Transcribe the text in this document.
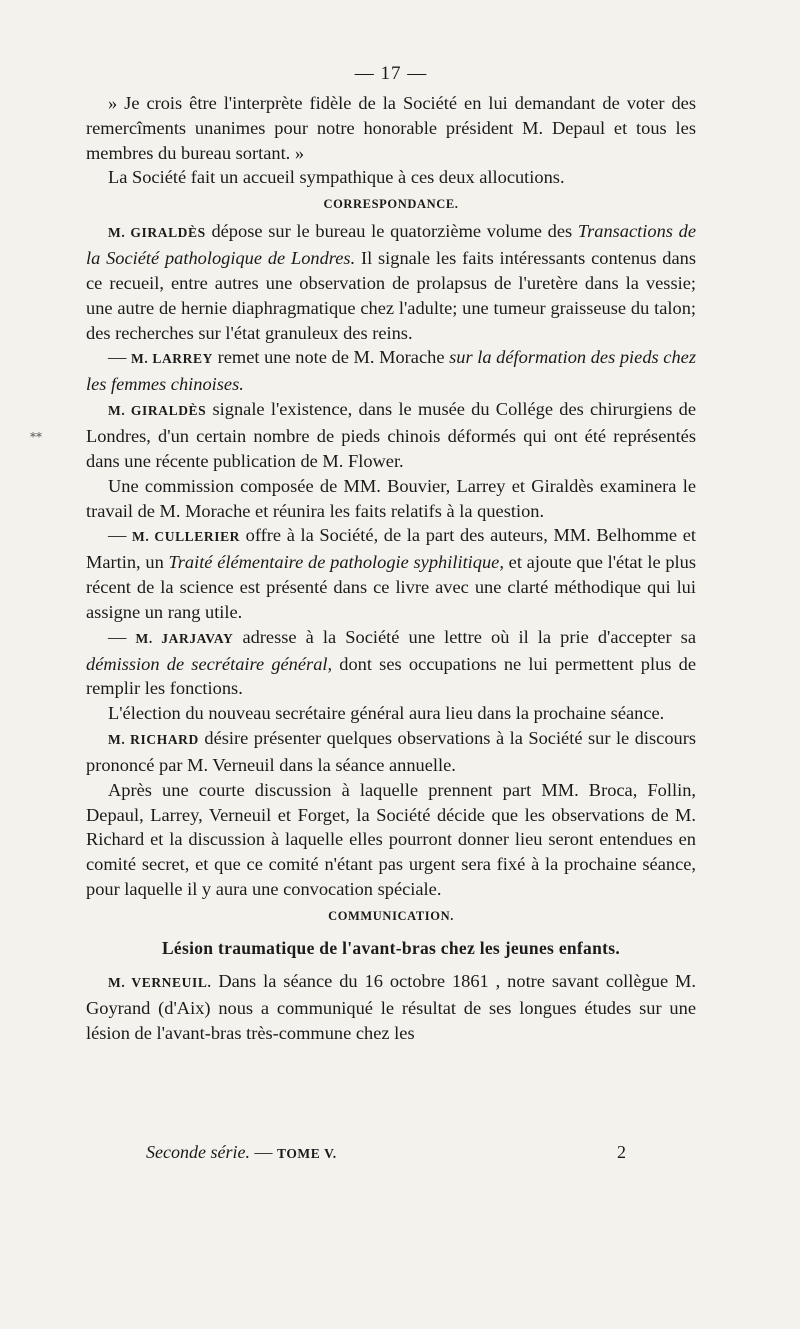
**
— 17 —

» Je crois être l'interprète fidèle de la Société en lui demandant de voter des remercîments unanimes pour notre honorable président M. Depaul et tous les membres du bureau sortant. »

La Société fait un accueil sympathique à ces deux allocutions.

CORRESPONDANCE.

M. GIRALDÈS dépose sur le bureau le quatorzième volume des Transactions de la Société pathologique de Londres. Il signale les faits intéressants contenus dans ce recueil, entre autres une observation de prolapsus de l'uretère dans la vessie; une autre de hernie diaphragmatique chez l'adulte; une tumeur graisseuse du talon; des recherches sur l'état granuleux des reins.

— M. LARREY remet une note de M. Morache sur la déformation des pieds chez les femmes chinoises.

M. GIRALDÈS signale l'existence, dans le musée du Collége des chirurgiens de Londres, d'un certain nombre de pieds chinois déformés qui ont été représentés dans une récente publication de M. Flower.

Une commission composée de MM. Bouvier, Larrey et Giraldès examinera le travail de M. Morache et réunira les faits relatifs à la question.

— M. CULLERIER offre à la Société, de la part des auteurs, MM. Belhomme et Martin, un Traité élémentaire de pathologie syphilitique, et ajoute que l'état le plus récent de la science est présenté dans ce livre avec une clarté méthodique qui lui assigne un rang utile.

— M. JARJAVAY adresse à la Société une lettre où il la prie d'accepter sa démission de secrétaire général, dont ses occupations ne lui permettent plus de remplir les fonctions.

L'élection du nouveau secrétaire général aura lieu dans la prochaine séance.

M. RICHARD désire présenter quelques observations à la Société sur le discours prononcé par M. Verneuil dans la séance annuelle.

Après une courte discussion à laquelle prennent part MM. Broca, Follin, Depaul, Larrey, Verneuil et Forget, la Société décide que les observations de M. Richard et la discussion à laquelle elles pourront donner lieu seront entendues en comité secret, et que ce comité n'étant pas urgent sera fixé à la prochaine séance, pour laquelle il y aura une convocation spéciale.

COMMUNICATION.
Lésion traumatique de l'avant-bras chez les jeunes enfants.

M. VERNEUIL. Dans la séance du 16 octobre 1861 , notre savant collègue M. Goyrand (d'Aix) nous a communiqué le résultat de ses longues études sur une lésion de l'avant-bras très-commune chez les

Seconde série. — TOME V.	2
